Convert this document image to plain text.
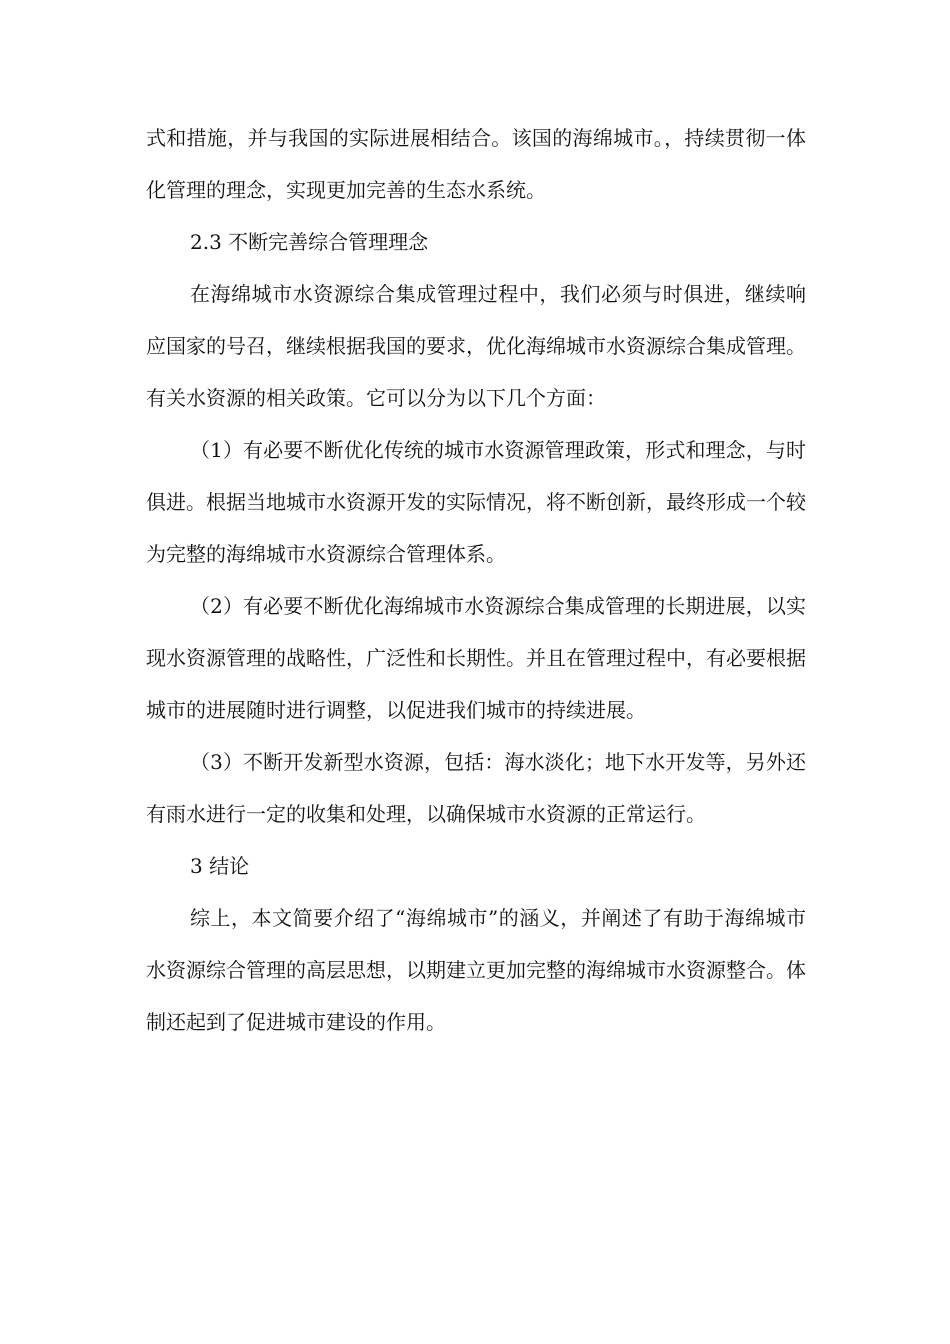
式和措施，并与我国的实际进展相结合。该国的海绵城市。，持续贯彻一体化管理的理念，实现更加完善的生态水系统。

2.3 不断完善综合管理理念

在海绵城市水资源综合集成管理过程中，我们必须与时俱进，继续响应国家的号召，继续根据我国的要求，优化海绵城市水资源综合集成管理。有关水资源的相关政策。它可以分为以下几个方面：

（1）有必要不断优化传统的城市水资源管理政策，形式和理念，与时俱进。根据当地城市水资源开发的实际情况，将不断创新，最终形成一个较为完整的海绵城市水资源综合管理体系。

（2）有必要不断优化海绵城市水资源综合集成管理的长期进展，以实现水资源管理的战略性，广泛性和长期性。并且在管理过程中，有必要根据城市的进展随时进行调整，以促进我们城市的持续进展。

（3）不断开发新型水资源，包括：海水淡化；地下水开发等，另外还有雨水进行一定的收集和处理，以确保城市水资源的正常运行。

3 结论

综上，本文简要介绍了“海绵城市”的涵义，并阐述了有助于海绵城市水资源综合管理的高层思想，以期建立更加完整的海绵城市水资源整合。体制还起到了促进城市建设的作用。
